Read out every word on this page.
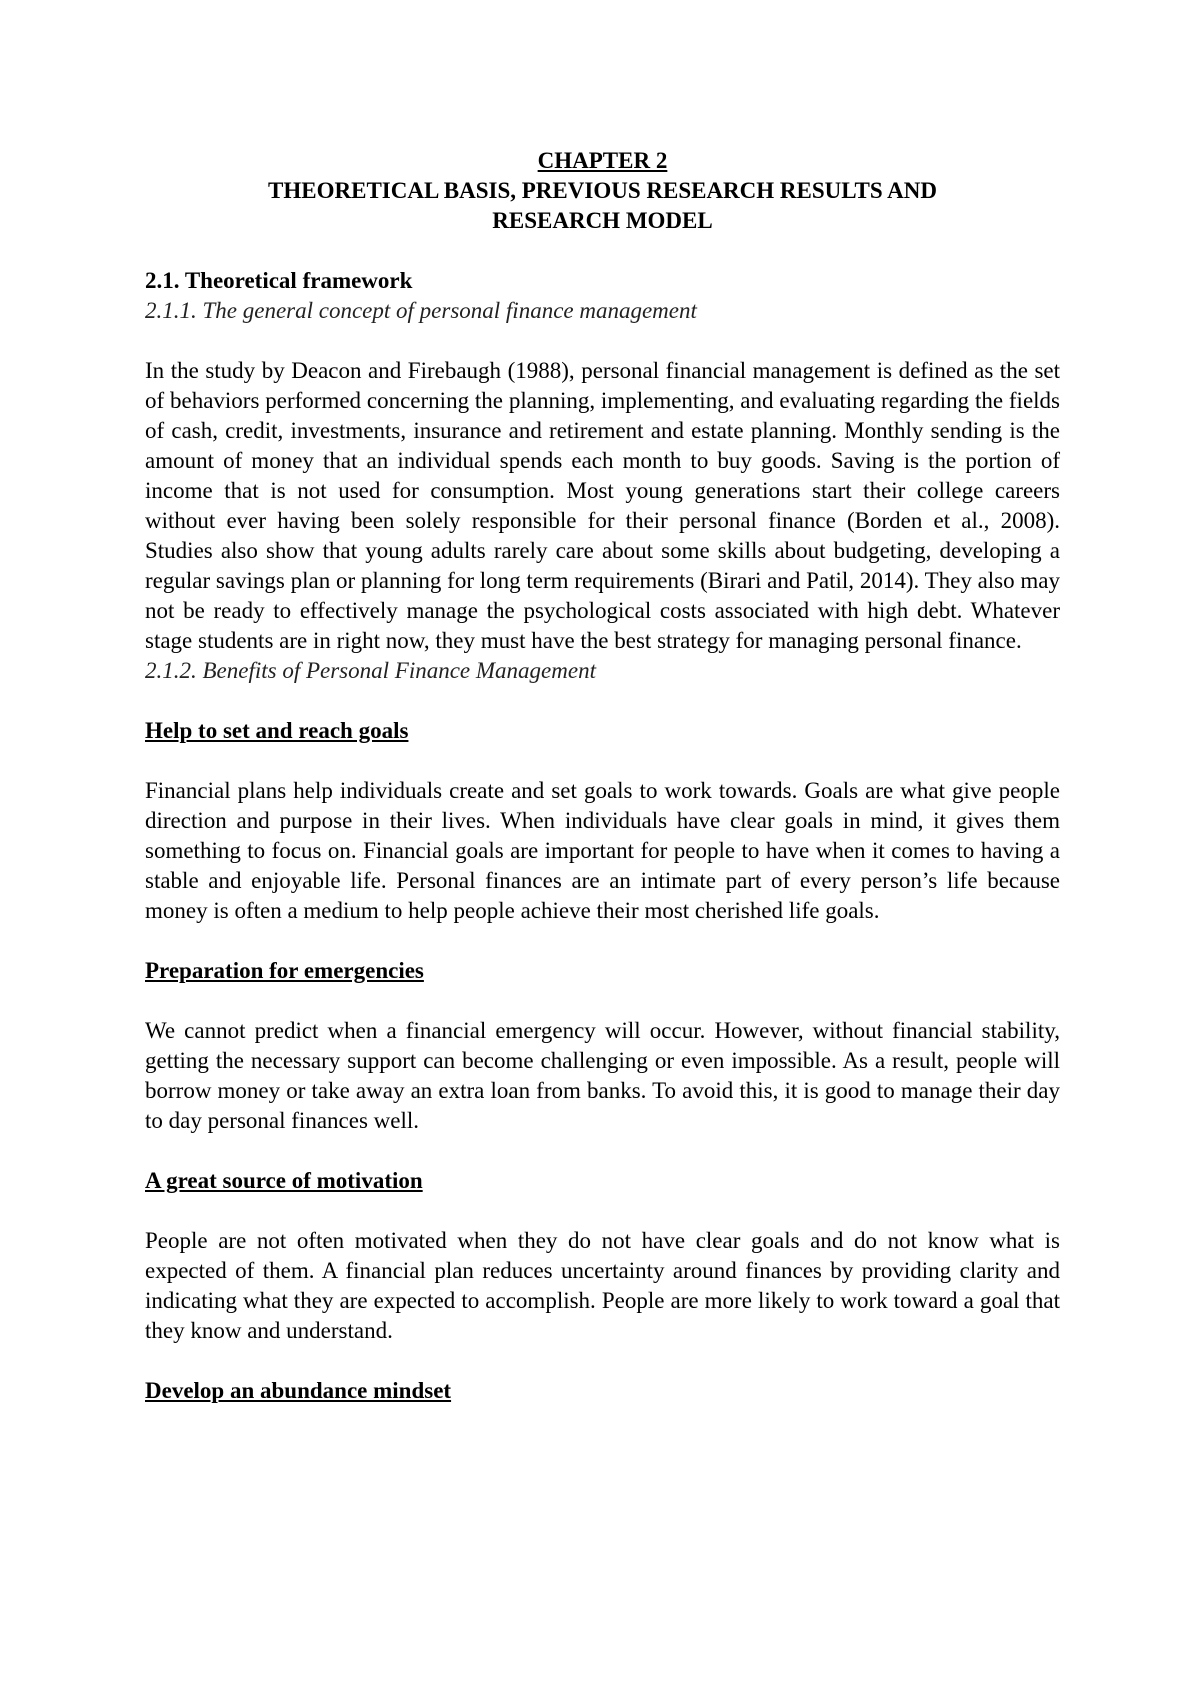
CHAPTER 2
THEORETICAL BASIS, PREVIOUS RESEARCH RESULTS AND
RESEARCH MODEL
2.1. Theoretical framework
2.1.1. The general concept of personal finance management

In the study by Deacon and Firebaugh (1988), personal financial management is defined as the set of behaviors performed concerning the planning, implementing, and evaluating regarding the fields of cash, credit, investments, insurance and retirement and estate planning. Monthly sending is the amount of money that an individual spends each month to buy goods. Saving is the portion of income that is not used for consumption. Most young generations start their college careers without ever having been solely responsible for their personal finance (Borden et al., 2008). Studies also show that young adults rarely care about some skills about budgeting, developing a regular savings plan or planning for long term requirements (Birari and Patil, 2014). They also may not be ready to effectively manage the psychological costs associated with high debt. Whatever stage students are in right now, they must have the best strategy for managing personal finance.

2.1.2. Benefits of Personal Finance Management
Help to set and reach goals

Financial plans help individuals create and set goals to work towards. Goals are what give people direction and purpose in their lives. When individuals have clear goals in mind, it gives them something to focus on. Financial goals are important for people to have when it comes to having a stable and enjoyable life. Personal finances are an intimate part of every person’s life because money is often a medium to help people achieve their most cherished life goals.

Preparation for emergencies

We cannot predict when a financial emergency will occur. However, without financial stability, getting the necessary support can become challenging or even impossible. As a result, people will borrow money or take away an extra loan from banks. To avoid this, it is good to manage their day to day personal finances well.

A great source of motivation

People are not often motivated when they do not have clear goals and do not know what is expected of them. A financial plan reduces uncertainty around finances by providing clarity and indicating what they are expected to accomplish. People are more likely to work toward a goal that they know and understand.

Develop an abundance mindset
